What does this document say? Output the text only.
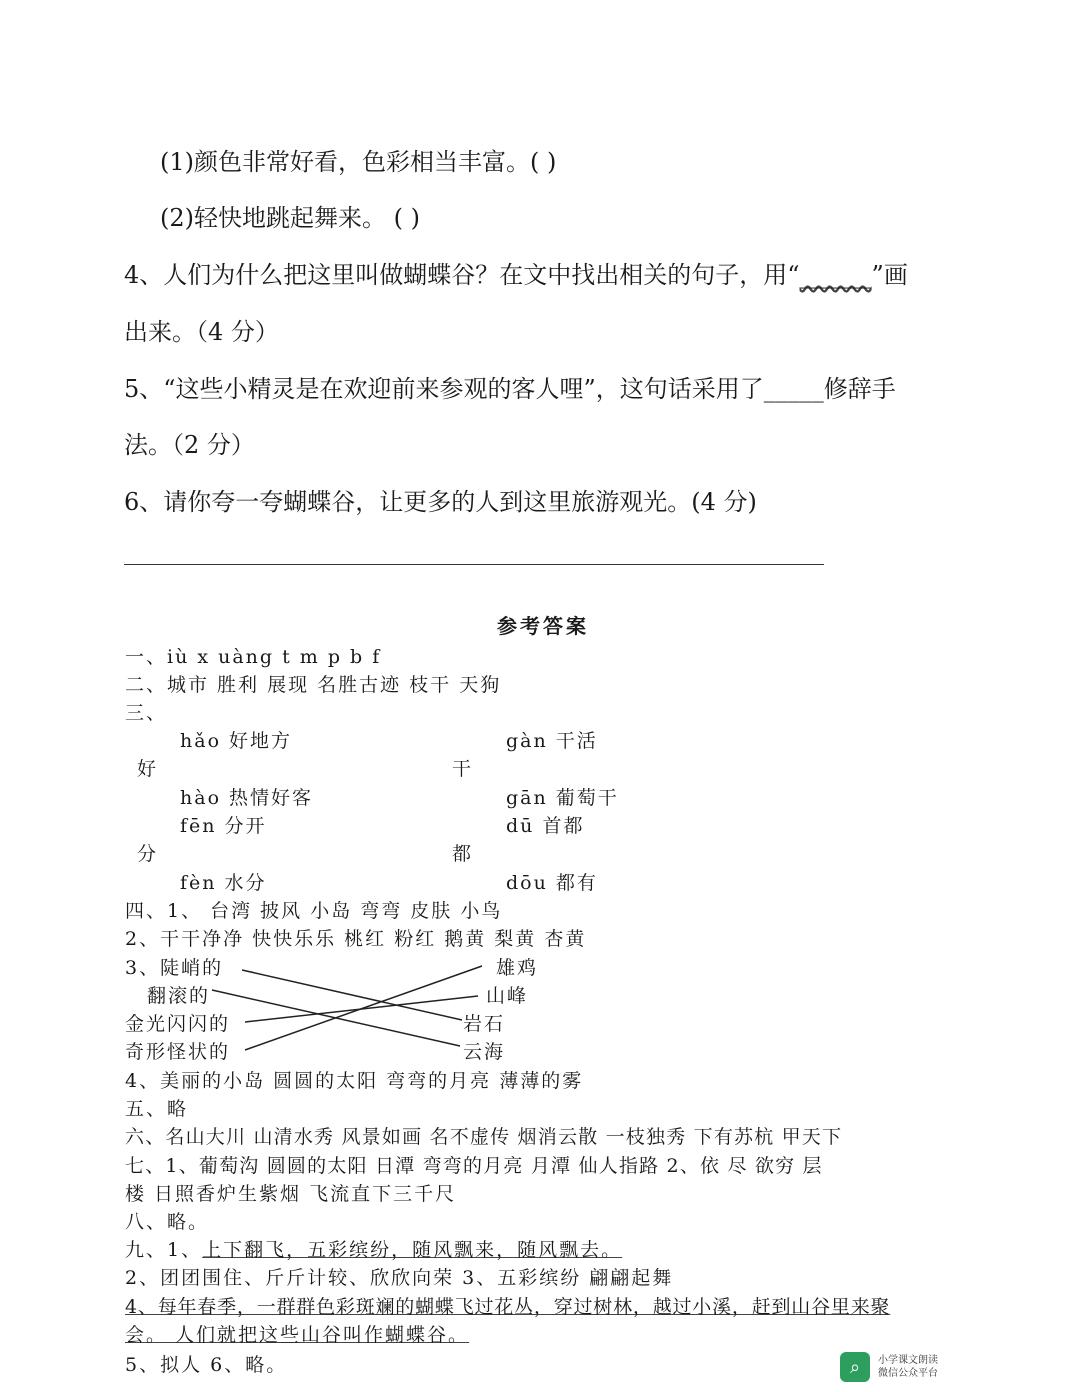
(1)颜色非常好看，色彩相当丰富。( )
(2)轻快地跳起舞来。 ( )
4、人们为什么把这里叫做蝴蝶谷？在文中找出相关的句子，用“______”画
出来。（4 分）
5、“这些小精灵是在欢迎前来参观的客人哩”，这句话采用了_____修辞手
法。（2 分）
6、请你夸一夸蝴蝶谷，让更多的人到这里旅游观光。(4 分)
参考答案
一、iù x uàng t m p b f
二、城市 胜利 展现 名胜古迹 枝干 天狗
三、
hǎo 好地方
好
hào 热情好客
gàn 干活
干
gān 葡萄干
fēn 分开
分
fèn 水分
dū 首都
都
dōu 都有
四、1、 台湾 披风 小岛 弯弯 皮肤 小鸟
2、干干净净 快快乐乐 桃红 粉红 鹅黄 梨黄 杏黄
3、陡峭的
翻滚的
金光闪闪的
奇形怪状的
雄鸡
山峰
岩石
云海
4、美丽的小岛 圆圆的太阳 弯弯的月亮 薄薄的雾
五、略
六、名山大川 山清水秀 风景如画 名不虚传 烟消云散 一枝独秀 下有苏杭 甲天下
七、1、葡萄沟 圆圆的太阳 日潭 弯弯的月亮 月潭 仙人指路 2、依 尽 欲穷 层
楼 日照香炉生紫烟 飞流直下三千尺
八、略。
九、1、上下翻飞，五彩缤纷，随风飘来，随风飘去。
2、团团围住、斤斤计较、欣欣向荣 3、五彩缤纷 翩翩起舞
4、每年春季，一群群色彩斑斓的蝴蝶飞过花丛，穿过树林，越过小溪，赶到山谷里来聚
会。 人们就把这些山谷叫作蝴蝶谷。
5、拟人 6、略。	⌕	小学课文朗读
微信公众平台
